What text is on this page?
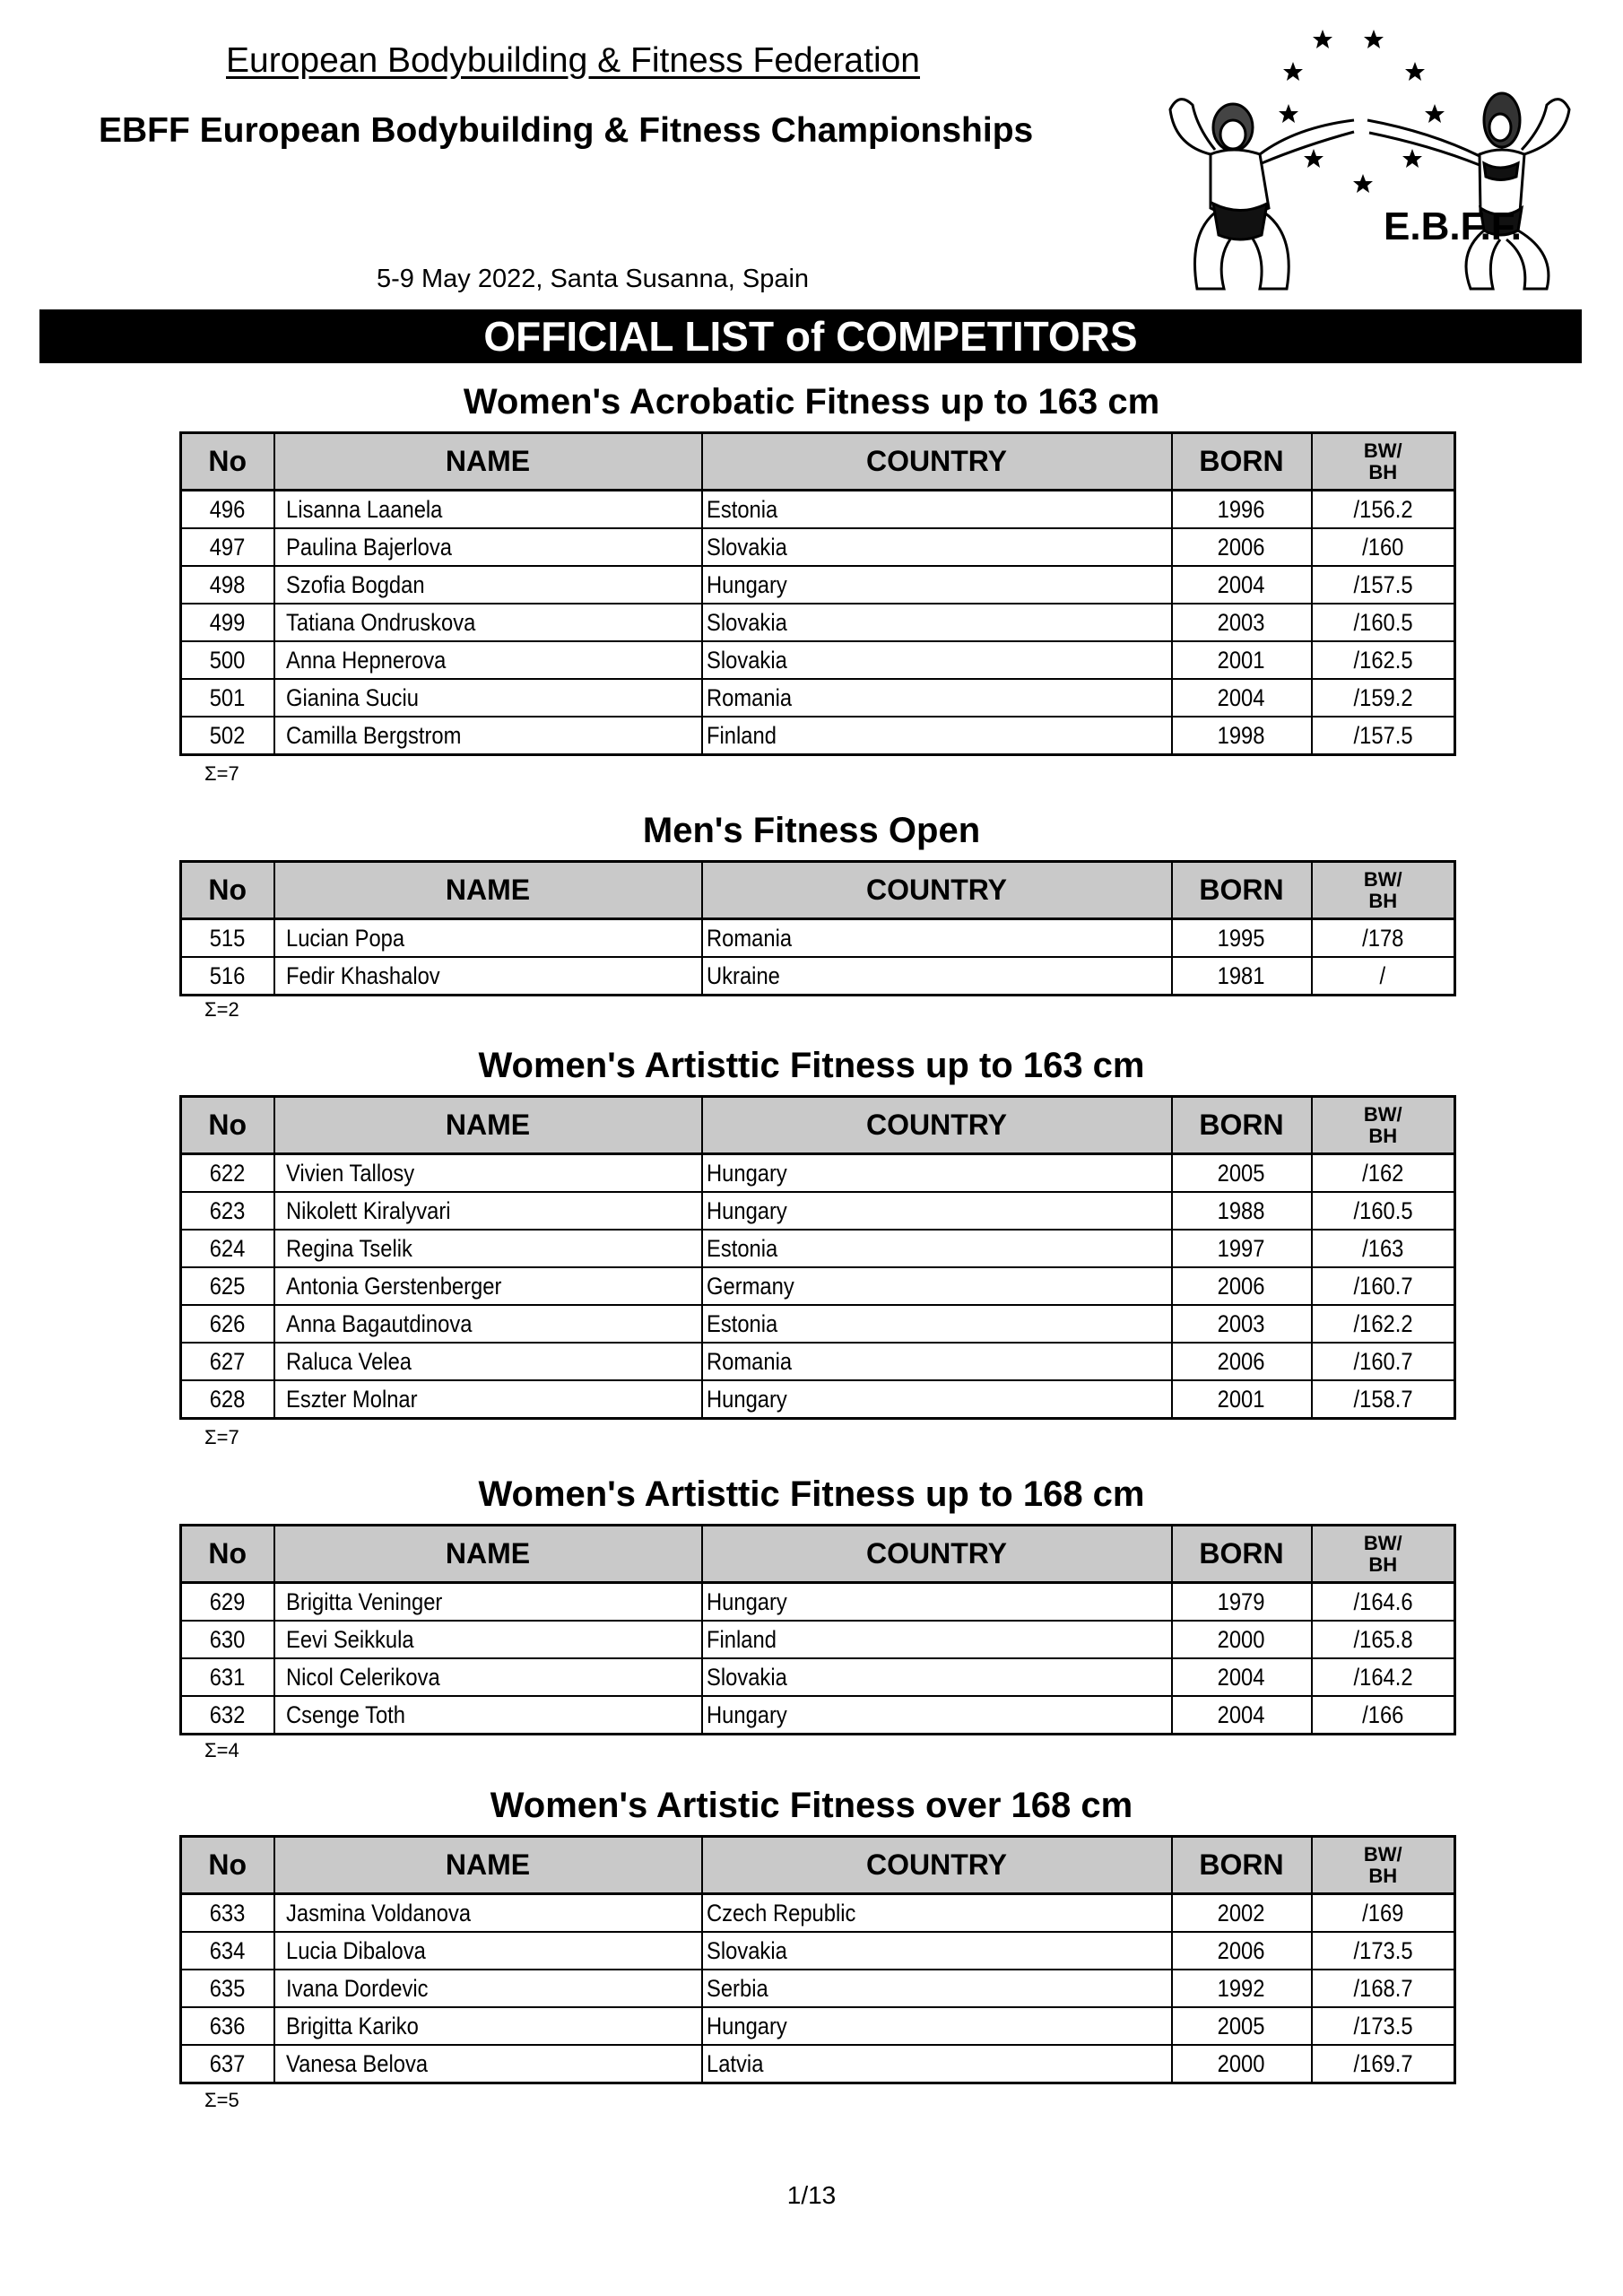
European Bodybuilding & Fitness Federation
EBFF European Bodybuilding & Fitness Championships
5-9 May 2022, Santa Susanna, Spain
E.B.F.F.
OFFICIAL LIST of COMPETITORS
Women's Acrobatic Fitness up to 163 cm
No	NAME	COUNTRY	BORN	BW/
BH

496	Lisanna Laanela	Estonia	1996	/156.2
497	Paulina Bajerlova	Slovakia	2006	/160
498	Szofia Bogdan	Hungary	2004	/157.5
499	Tatiana Ondruskova	Slovakia	2003	/160.5
500	Anna Hepnerova	Slovakia	2001	/162.5
501	Gianina Suciu	Romania	2004	/159.2
502	Camilla Bergstrom	Finland	1998	/157.5
Σ=7
Men's Fitness Open
No	NAME	COUNTRY	BORN	BW/
BH

515	Lucian Popa	Romania	1995	/178
516	Fedir Khashalov	Ukraine	1981	/
Σ=2
Women's Artisttic Fitness up to 163 cm
No	NAME	COUNTRY	BORN	BW/
BH

622	Vivien Tallosy	Hungary	2005	/162
623	Nikolett Kiralyvari	Hungary	1988	/160.5
624	Regina Tselik	Estonia	1997	/163
625	Antonia Gerstenberger	Germany	2006	/160.7
626	Anna Bagautdinova	Estonia	2003	/162.2
627	Raluca Velea	Romania	2006	/160.7
628	Eszter Molnar	Hungary	2001	/158.7
Σ=7
Women's Artisttic Fitness up to 168 cm
No	NAME	COUNTRY	BORN	BW/
BH

629	Brigitta Veninger	Hungary	1979	/164.6
630	Eevi Seikkula	Finland	2000	/165.8
631	Nicol Celerikova	Slovakia	2004	/164.2
632	Csenge Toth	Hungary	2004	/166
Σ=4
Women's Artistic Fitness over 168 cm
No	NAME	COUNTRY	BORN	BW/
BH

633	Jasmina Voldanova	Czech Republic	2002	/169
634	Lucia Dibalova	Slovakia	2006	/173.5
635	Ivana Dordevic	Serbia	1992	/168.7
636	Brigitta Kariko	Hungary	2005	/173.5
637	Vanesa Belova	Latvia	2000	/169.7
Σ=5
1/13
